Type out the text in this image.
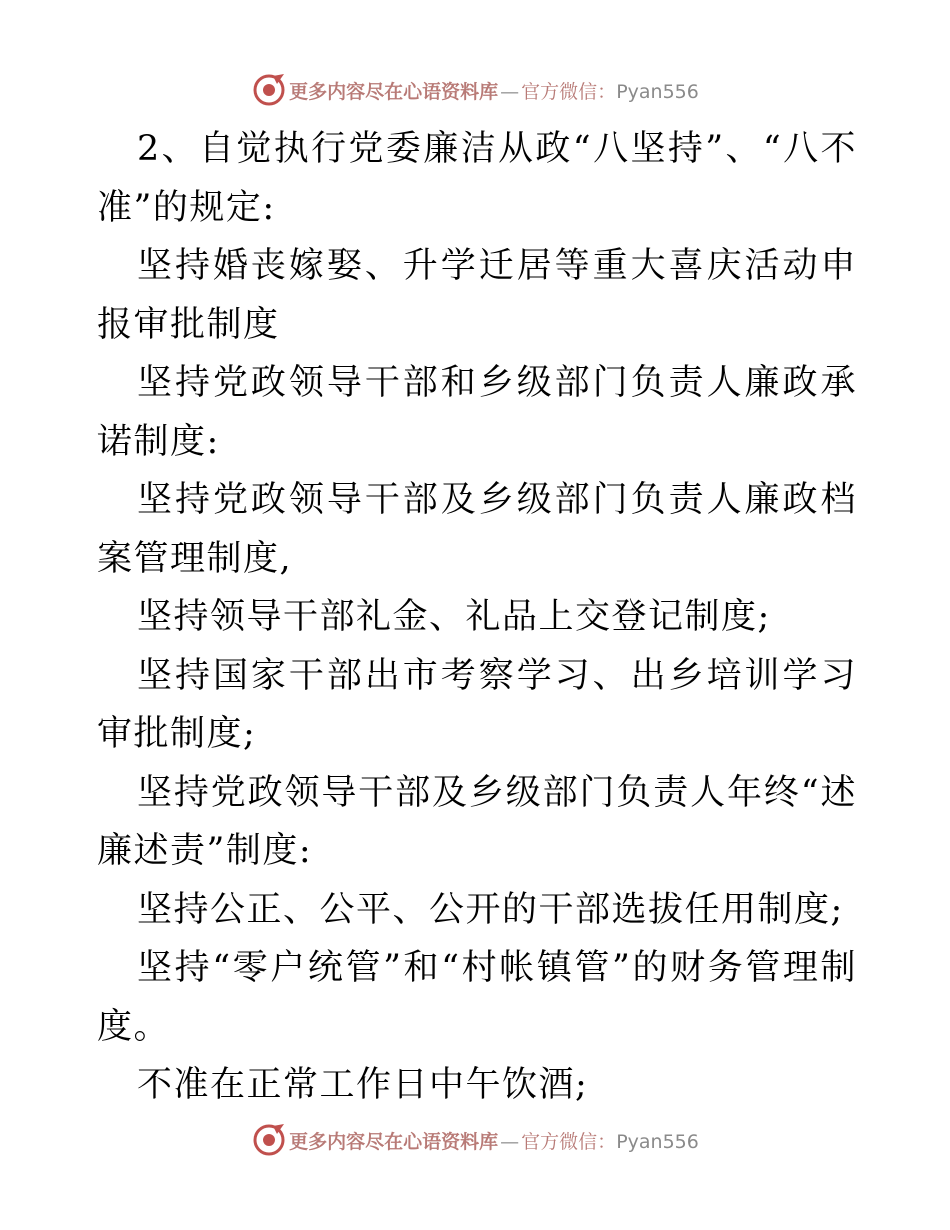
更多内容尽在心语资料库 — 官方微信：Pyan556

2、自觉执行党委廉洁从政“八坚持”、“八不准”的规定:

坚持婚丧嫁娶、升学迁居等重大喜庆活动申报审批制度

坚持党政领导干部和乡级部门负责人廉政承诺制度:

坚持党政领导干部及乡级部门负责人廉政档案管理制度,

坚持领导干部礼金、礼品上交登记制度;

坚持国家干部出市考察学习、出乡培训学习审批制度;

坚持党政领导干部及乡级部门负责人年终“述廉述责”制度:

坚持公正、公平、公开的干部选拔任用制度;

坚持“零户统管”和“村帐镇管”的财务管理制度。

不准在正常工作日中午饮酒;

更多内容尽在心语资料库 — 官方微信：Pyan556
